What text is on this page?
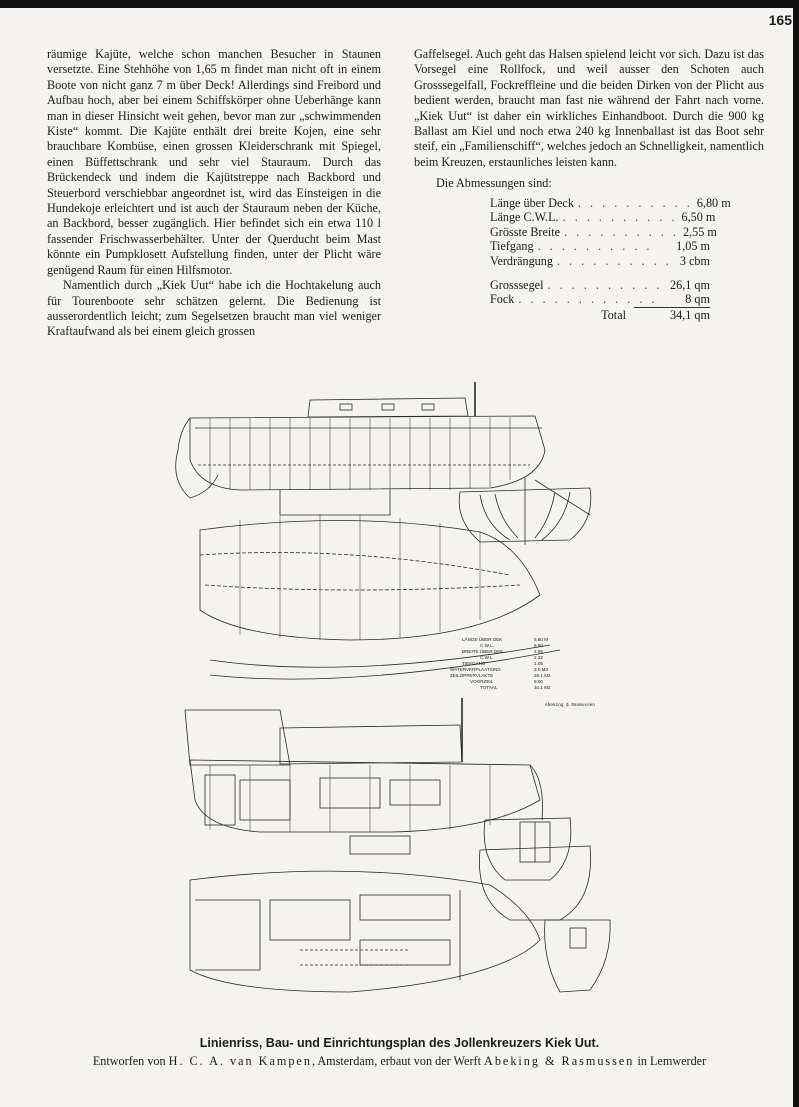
165

räumige Kajüte, welche schon manchen Besucher in Staunen versetzte. Eine Stehhöhe von 1,65 m findet man nicht oft in einem Boote von nicht ganz 7 m über Deck! Allerdings sind Freibord und Aufbau hoch, aber bei einem Schiffskörper ohne Ueberhänge kann man in dieser Hinsicht weit gehen, bevor man zur „schwimmenden Kiste“ kommt. Die Kajüte enthält drei breite Kojen, eine sehr brauchbare Kombüse, einen grossen Kleiderschrank mit Spiegel, einen Büffettschrank und sehr viel Stauraum. Durch das Brückendeck und indem die Kajütstreppe nach Backbord und Steuerbord verschiebbar angeordnet ist, wird das Einsteigen in die Hundekoje erleichtert und ist auch der Stauraum neben der Küche, an Backbord, besser zugänglich. Hier befindet sich ein etwa 110 l fassender Frischwasserbehälter. Unter der Querducht beim Mast könnte ein Pumpklosett Aufstellung finden, unter der Plicht wäre genügend Raum für einen Hilfsmotor.

Namentlich durch „Kiek Uut“ habe ich die Hochtakelung auch für Tourenboote sehr schätzen gelernt. Die Bedienung ist ausserordentlich leicht; zum Segelsetzen braucht man viel weniger Kraftaufwand als bei einem gleich grossen

Gaffelsegel. Auch geht das Halsen spielend leicht vor sich. Dazu ist das Vorsegel eine Rollfock, und weil ausser den Schoten auch Grosssegelfall, Fockreffleine und die beiden Dirken von der Plicht aus bedient werden, braucht man fast nie während der Fahrt nach vorne. „Kiek Uut“ ist daher ein wirkliches Einhandboot. Durch die 900 kg Ballast am Kiel und noch etwa 240 kg Innenballast ist das Boot sehr steif, ein „Familienschiff“, welches jedoch an Schnelligkeit, namentlich beim Kreuzen, erstaunliches leisten kann.

Die Abmessungen sind:

Länge über Deck . . . . . . . . . . 6,80 m
Länge C.W.L. . . . . . . . . . . 6,50 m
Grösste Breite . . . . . . . . . . 2,55 m
Tiefgang . . . . . . . . . .	1,05 m
Verdrängung . . . . . . . . . . 3 cbm
Grosssegel . . . . . . . . . . 26,1 qm
Fock . . . . . . . . . . . .	8 qm
Total	34,1 qm
LÄNGE ÜBER DEK	6.80 M
C.W.L.	6.50
BREITE ÜBER DEK	2.55
C.W.L.	2.32
TIEFGANG	1.05
WATERVERPLAATSING	3.0 M3
ZEILOPPERVLAKTE	26.1 M2
VOORZEIL	8.00
TOTAAL	34.1 M2
Abeking & Rasmussen
Linienriss, Bau- und Einrichtungsplan des Jollenkreuzers Kiek Uut.
Entworfen von H. C. A. van Kampen, Amsterdam, erbaut von der Werft Abeking & Rasmussen in Lemwerder
